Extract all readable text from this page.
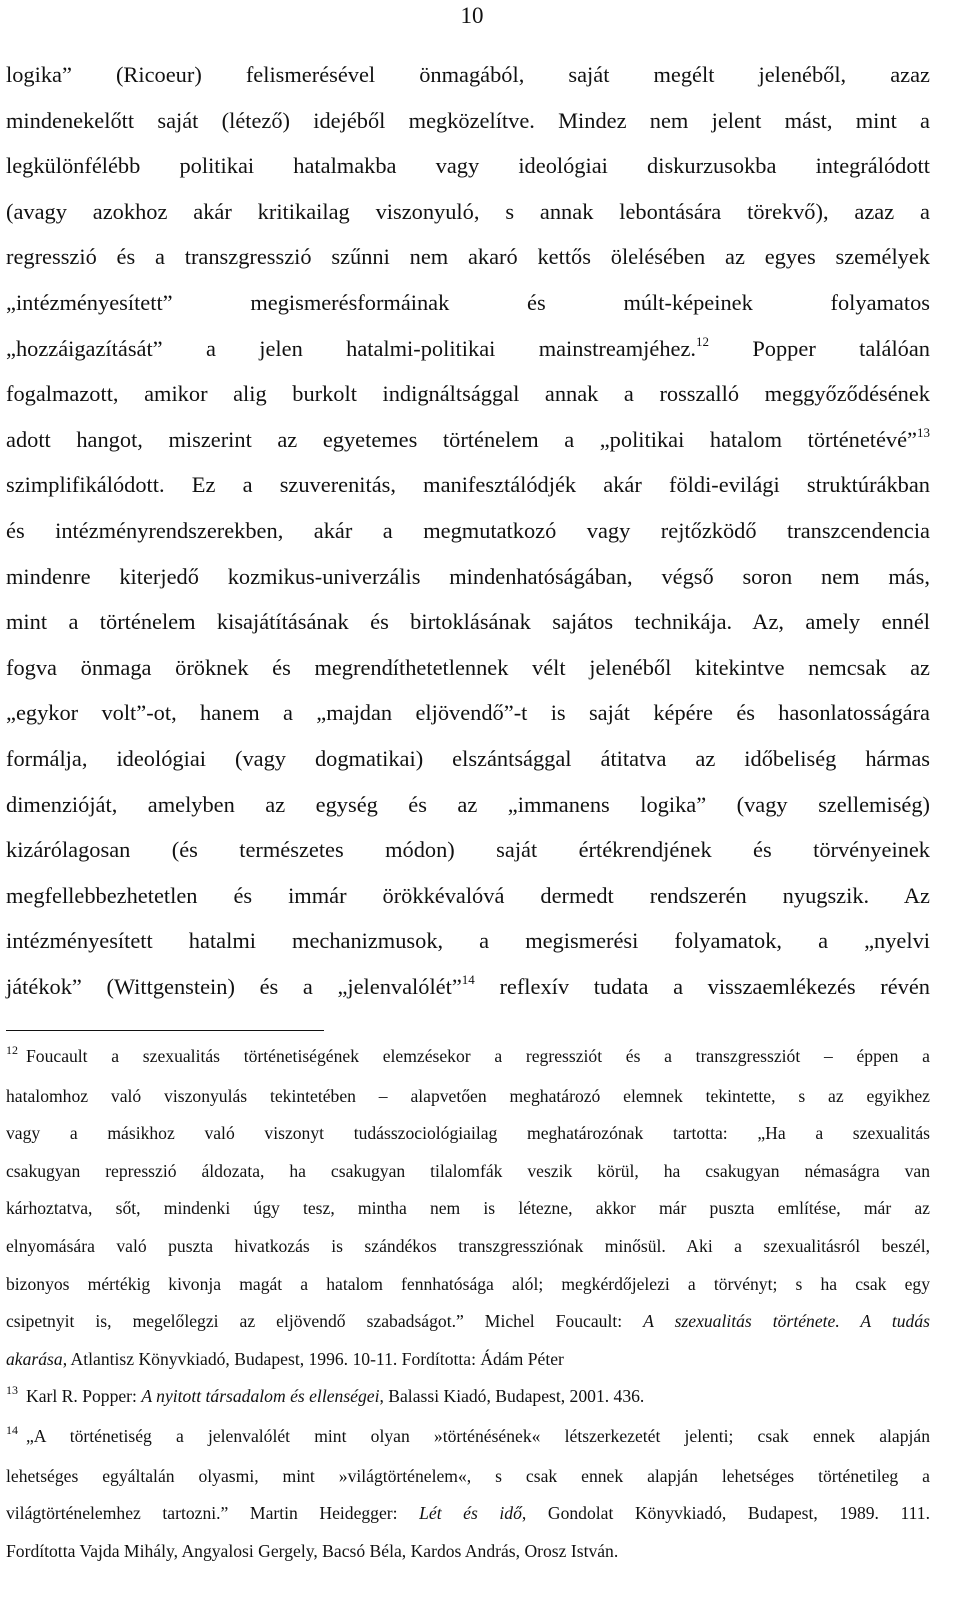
10
logika” (Ricoeur) felismerésével önmagából, saját megélt jelenéből, azaz
mindenekelőtt saját (létező) idejéből megközelítve. Mindez nem jelent mást, mint a
legkülönfélébb politikai hatalmakba vagy ideológiai diskurzusokba integrálódott
(avagy azokhoz akár kritikailag viszonyuló, s annak lebontására törekvő), azaz a
regresszió és a transzgresszió szűnni nem akaró kettős ölelésében az egyes személyek
„intézményesített” megismerésformáinak és múlt-képeinek folyamatos
„hozzáigazítását” a jelen hatalmi-politikai mainstreamjéhez.$^{12}$ Popper találóan
fogalmazott, amikor alig burkolt indignáltsággal annak a rosszalló meggyőződésének
adott hangot, miszerint az egyetemes történelem a „politikai hatalom történetévé”$^{13}$
szimplifikálódott. Ez a szuverenitás, manifesztálódjék akár földi-evilági struktúrákban
és intézményrendszerekben, akár a megmutatkozó vagy rejtőzködő transzcendencia
mindenre kiterjedő kozmikus-univerzális mindenhatóságában, végső soron nem más,
mint a történelem kisajátításának és birtoklásának sajátos technikája. Az, amely ennél
fogva önmaga öröknek és megrendíthetetlennek vélt jelenéből kitekintve nemcsak az
„egykor volt”-ot, hanem a „majdan eljövendő”-t is saját képére és hasonlatosságára
formálja, ideológiai (vagy dogmatikai) elszántsággal átitatva az időbeliség hármas
dimenzióját, amelyben az egység és az „immanens logika” (vagy szellemiség)
kizárólagosan (és természetes módon) saját értékrendjének és törvényeinek
megfellebbezhetetlen és immár örökkévalóvá dermedt rendszerén nyugszik. Az
intézményesített hatalmi mechanizmusok, a megismerési folyamatok, a „nyelvi
játékok” (Wittgenstein) és a „jelenvalólét”$^{14}$ reflexív tudata a visszaemlékezés révén
$^{12}$ Foucault a szexualitás történetiségének elemzésekor a regressziót és a transzgressziót – éppen a
hatalomhoz való viszonyulás tekintetében – alapvetően meghatározó elemnek tekintette, s az egyikhez
vagy a másikhoz való viszonyt tudásszociológiailag meghatározónak tartotta: „Ha a szexualitás
csakugyan represszió áldozata, ha csakugyan tilalomfák veszik körül, ha csakugyan némaságra van
kárhoztatva, sőt, mindenki úgy tesz, mintha nem is létezne, akkor már puszta említése, már az
elnyomására való puszta hivatkozás is szándékos transzgressziónak minősül. Aki a szexualitásról beszél,
bizonyos mértékig kivonja magát a hatalom fennhatósága alól; megkérdőjelezi a törvényt; s ha csak egy
csipetnyit is, megelőlegzi az eljövendő szabadságot.” Michel Foucault: A szexualitás története. A tudás
akarása, Atlantisz Könyvkiadó, Budapest, 1996. 10-11. Fordította: Ádám Péter
$^{13}$ Karl R. Popper: A nyitott társadalom és ellenségei, Balassi Kiadó, Budapest, 2001. 436.
$^{14}$ „A történetiség a jelenvalólét mint olyan »történésének« létszerkezetét jelenti; csak ennek alapján
lehetséges egyáltalán olyasmi, mint »világtörténelem«, s csak ennek alapján lehetséges történetileg a
világtörténelemhez tartozni.” Martin Heidegger: Lét és idő, Gondolat Könyvkiadó, Budapest, 1989. 111.
Fordította Vajda Mihály, Angyalosi Gergely, Bacsó Béla, Kardos András, Orosz István.
